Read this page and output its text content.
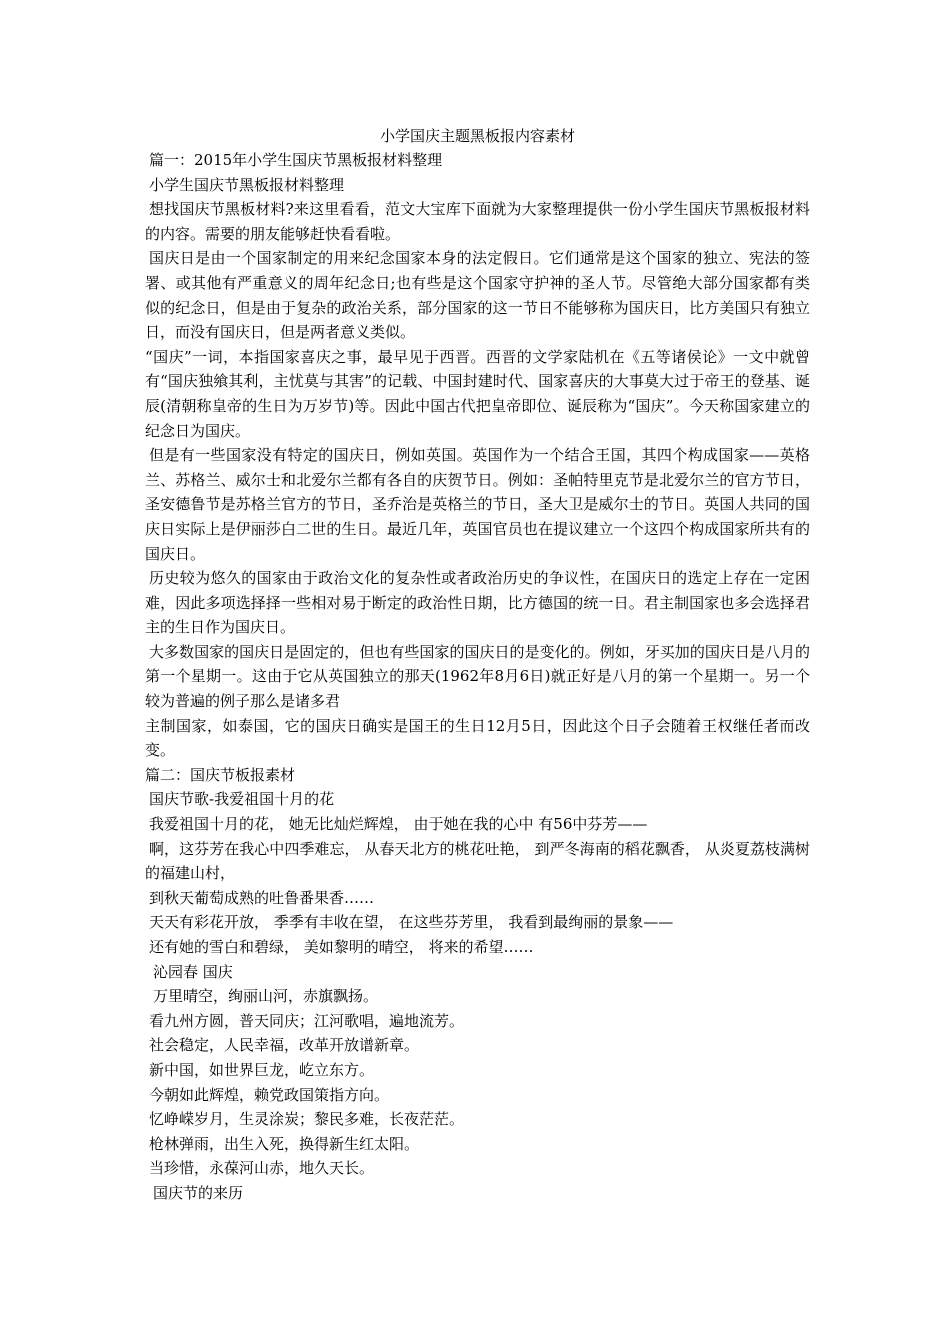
小学国庆主题黑板报内容素材

篇一：2015年小学生国庆节黑板报材料整理

小学生国庆节黑板报材料整理

想找国庆节黑板材料?来这里看看，范文大宝库下面就为大家整理提供一份小学生国庆节黑板报材料的内容。需要的朋友能够赶快看看啦。

国庆日是由一个国家制定的用来纪念国家本身的法定假日。它们通常是这个国家的独立、宪法的签署、或其他有严重意义的周年纪念日;也有些是这个国家守护神的圣人节。尽管绝大部分国家都有类似的纪念日，但是由于复杂的政治关系，部分国家的这一节日不能够称为国庆日，比方美国只有独立日，而没有国庆日，但是两者意义类似。

“国庆”一词，本指国家喜庆之事，最早见于西晋。西晋的文学家陆机在《五等诸侯论》一文中就曾有“国庆独飨其利，主忧莫与其害”的记载、中国封建时代、国家喜庆的大事莫大过于帝王的登基、诞辰(清朝称皇帝的生日为万岁节)等。因此中国古代把皇帝即位、诞辰称为“国庆”。今天称国家建立的纪念日为国庆。

但是有一些国家没有特定的国庆日，例如英国。英国作为一个结合王国，其四个构成国家——英格兰、苏格兰、威尔士和北爱尔兰都有各自的庆贺节日。例如：圣帕特里克节是北爱尔兰的官方节日，圣安德鲁节是苏格兰官方的节日，圣乔治是英格兰的节日，圣大卫是威尔士的节日。英国人共同的国庆日实际上是伊丽莎白二世的生日。最近几年，英国官员也在提议建立一个这四个构成国家所共有的国庆日。

历史较为悠久的国家由于政治文化的复杂性或者政治历史的争议性，在国庆日的选定上存在一定困难，因此多项选择择一些相对易于断定的政治性日期，比方德国的统一日。君主制国家也多会选择君主的生日作为国庆日。

大多数国家的国庆日是固定的，但也有些国家的国庆日的是变化的。例如，牙买加的国庆日是八月的第一个星期一。这由于它从英国独立的那天(1962年8月6日)就正好是八月的第一个星期一。另一个较为普遍的例子那么是诸多君

主制国家，如泰国，它的国庆日确实是国王的生日12月5日，因此这个日子会随着王权继任者而改变。

篇二：国庆节板报素材

国庆节歌-我爱祖国十月的花

我爱祖国十月的花， 她无比灿烂辉煌， 由于她在我的心中 有56中芬芳——

啊，这芬芳在我心中四季难忘， 从春天北方的桃花吐艳， 到严冬海南的稻花飘香， 从炎夏荔枝满树的福建山村，

到秋天葡萄成熟的吐鲁番果香……

天天有彩花开放， 季季有丰收在望， 在这些芬芳里， 我看到最绚丽的景象——

还有她的雪白和碧绿， 美如黎明的晴空， 将来的希望……

沁园春 国庆

万里晴空，绚丽山河，赤旗飘扬。

看九州方圆，普天同庆；江河歌唱，遍地流芳。

社会稳定，人民幸福，改革开放谱新章。

新中国，如世界巨龙，屹立东方。

今朝如此辉煌，赖党政国策指方向。

忆峥嵘岁月，生灵涂炭；黎民多难，长夜茫茫。

枪林弹雨，出生入死，换得新生红太阳。

当珍惜，永葆河山赤，地久天长。

国庆节的来历
